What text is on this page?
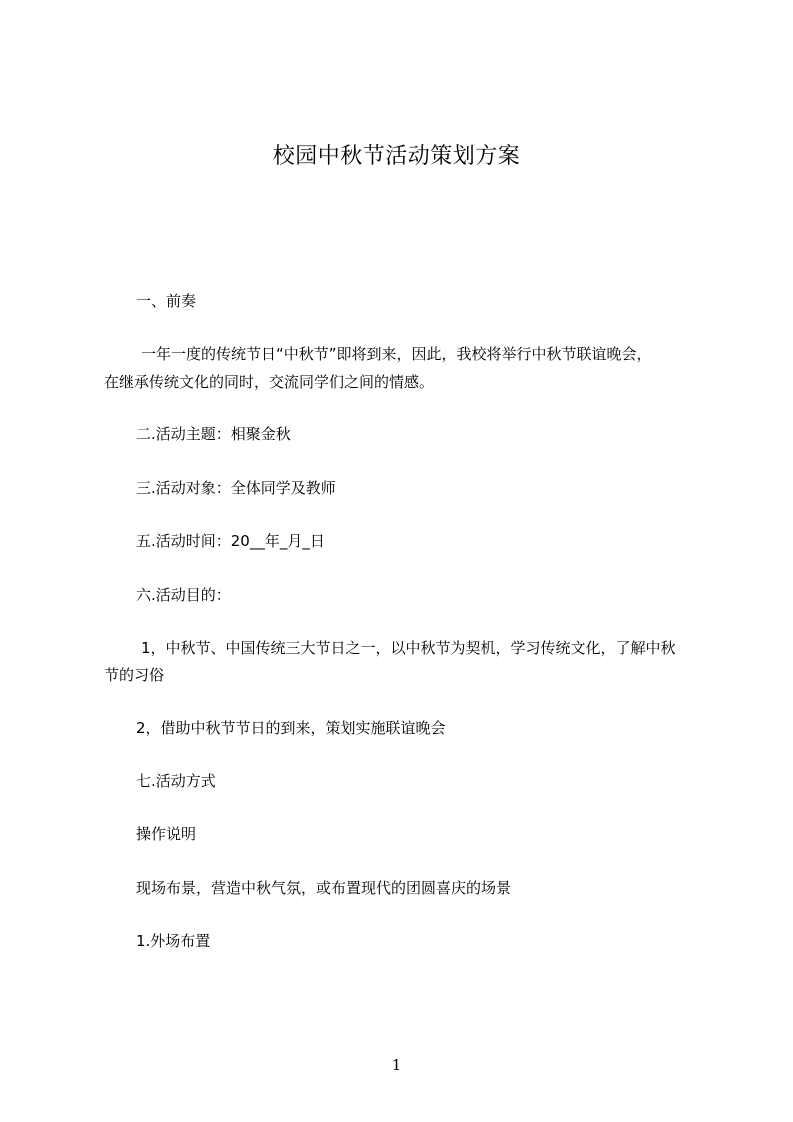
校园中秋节活动策划方案
一、前奏
一年一度的传统节日“中秋节”即将到来，因此，我校将举行中秋节联谊晚会，
在继承传统文化的同时，交流同学们之间的情感。
二.活动主题：相聚金秋
三.活动对象：全体同学及教师
五.活动时间：20__年_月_日
六.活动目的：
1，中秋节、中国传统三大节日之一，以中秋节为契机，学习传统文化，了解中秋
节的习俗
2，借助中秋节节日的到来，策划实施联谊晚会
七.活动方式
操作说明
现场布景，营造中秋气氛，或布置现代的团圆喜庆的场景
1.外场布置
1
